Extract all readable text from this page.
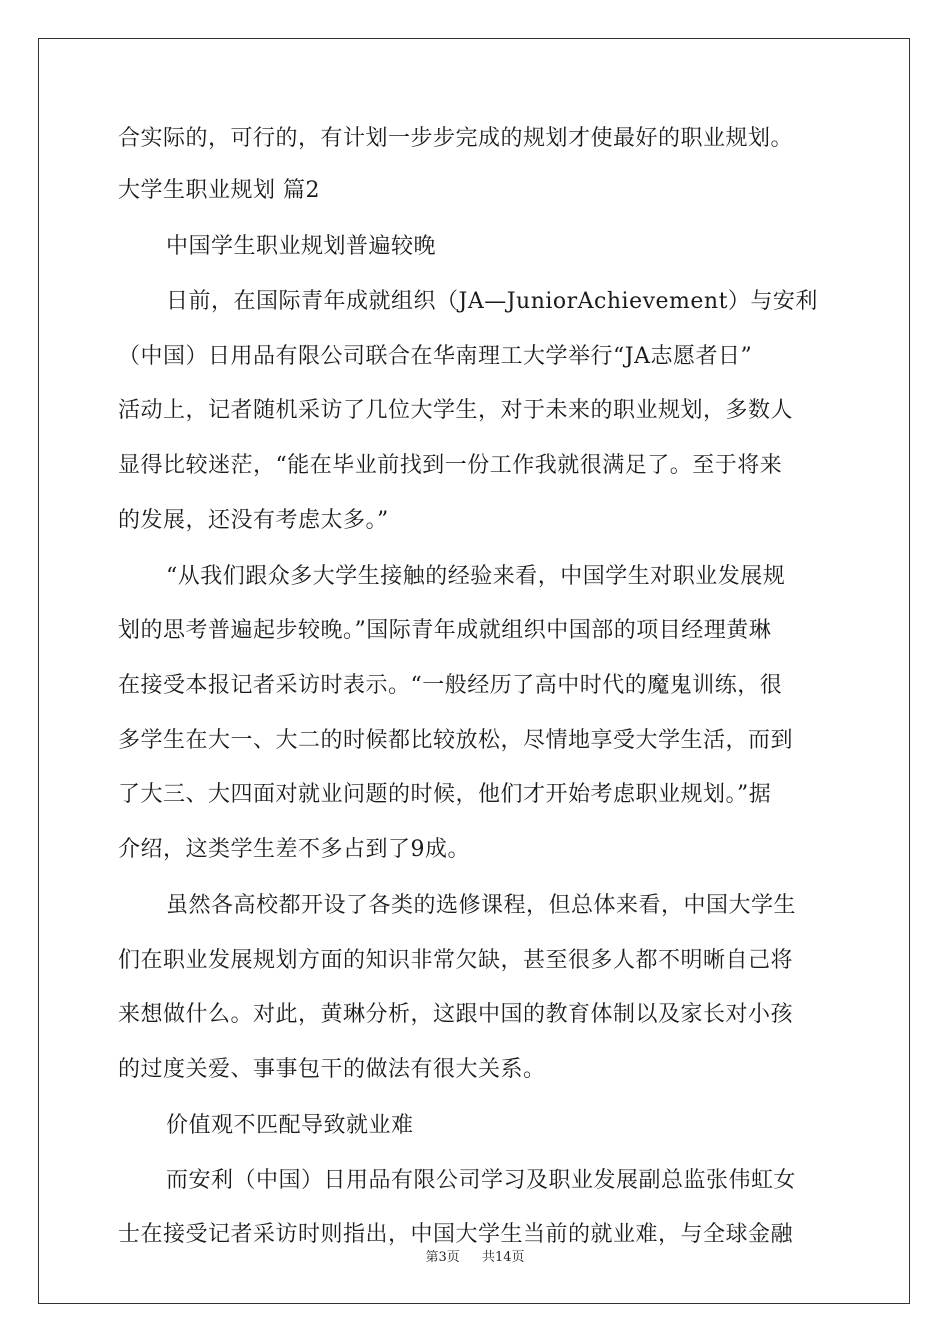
合实际的，可行的，有计划一步步完成的规划才使最好的职业规划。
大学生职业规划 篇2
中国学生职业规划普遍较晚
日前，在国际青年成就组织（JA—JuniorAchievement）与安利
（中国）日用品有限公司联合在华南理工大学举行“JA志愿者日”
活动上，记者随机采访了几位大学生，对于未来的职业规划，多数人
显得比较迷茫，“能在毕业前找到一份工作我就很满足了。至于将来
的发展，还没有考虑太多。”
“从我们跟众多大学生接触的经验来看，中国学生对职业发展规
划的思考普遍起步较晚。”国际青年成就组织中国部的项目经理黄琳
在接受本报记者采访时表示。“一般经历了高中时代的魔鬼训练，很
多学生在大一、大二的时候都比较放松，尽情地享受大学生活，而到
了大三、大四面对就业问题的时候，他们才开始考虑职业规划。”据
介绍，这类学生差不多占到了9成。
虽然各高校都开设了各类的选修课程，但总体来看，中国大学生
们在职业发展规划方面的知识非常欠缺，甚至很多人都不明晰自己将
来想做什么。对此，黄琳分析，这跟中国的教育体制以及家长对小孩
的过度关爱、事事包干的做法有很大关系。
价值观不匹配导致就业难
而安利（中国）日用品有限公司学习及职业发展副总监张伟虹女
士在接受记者采访时则指出，中国大学生当前的就业难，与全球金融
第3页 共14页
